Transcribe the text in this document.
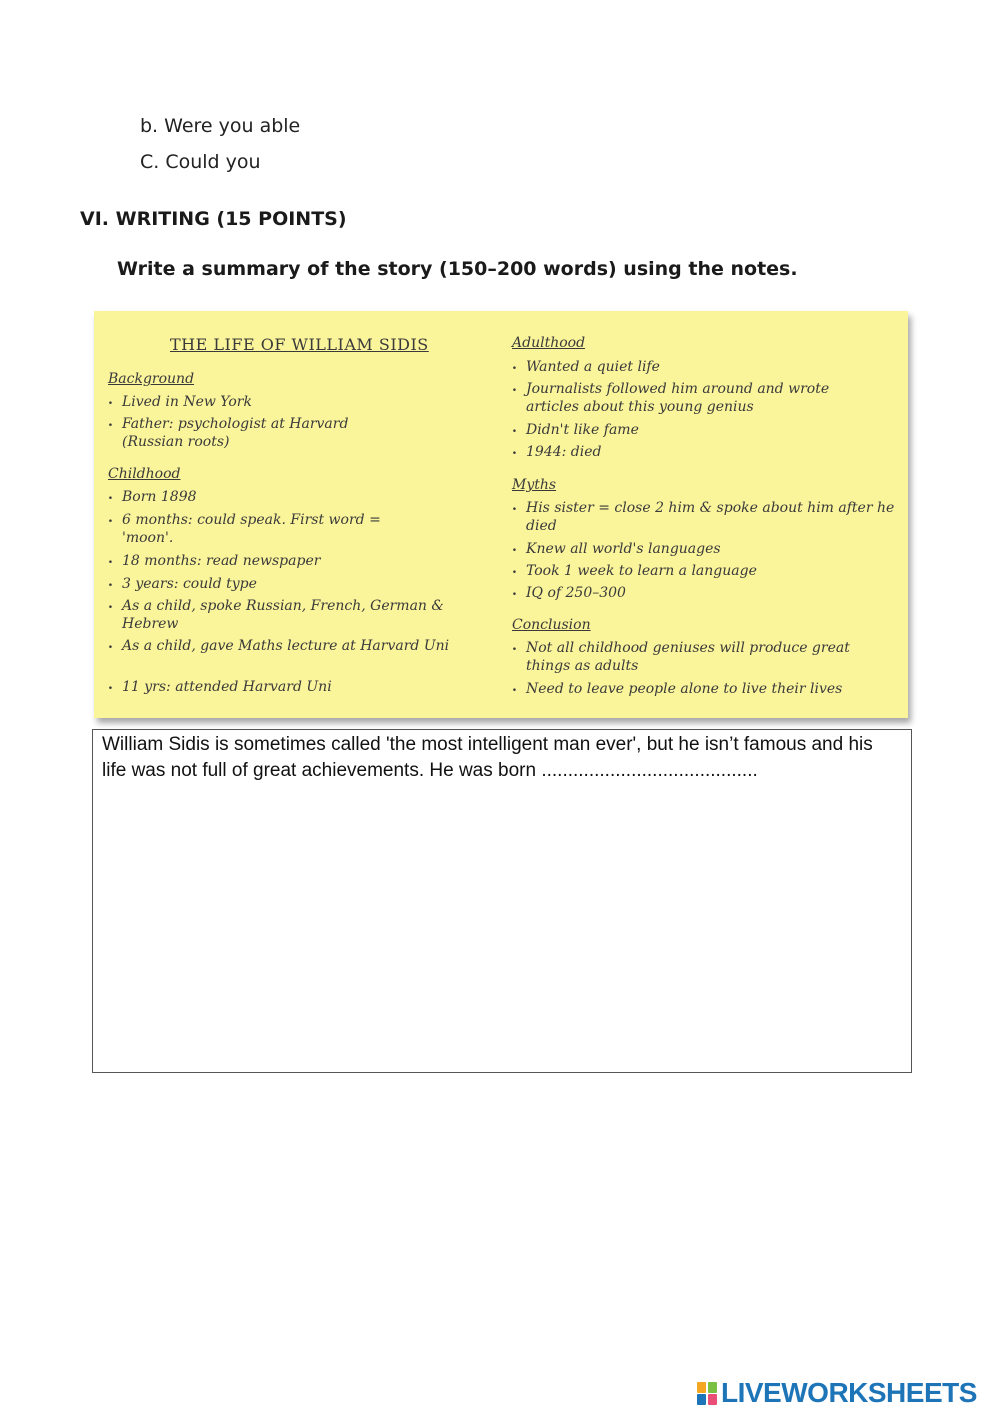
b. Were you able
C. Could you
VI. WRITING (15 POINTS)
Write a summary of the story (150–200 words) using the notes.
THE LIFE OF WILLIAM SIDIS
Background
. Lived in New York
. Father: psychologist at Harvard (Russian roots)
Childhood
. Born 1898
. 6 months: could speak. First word = 'moon'.
. 18 months: read newspaper
. 3 years: could type
. As a child, spoke Russian, French, German & Hebrew
. As a child, gave Maths lecture at Harvard Uni
. 11 yrs: attended Harvard Uni
Adulthood
. Wanted a quiet life
. Journalists followed him around and wrote articles about this young genius
. Didn't like fame
. 1944: died
Myths
. His sister = close 2 him & spoke about him after he died
. Knew all world's languages
. Took 1 week to learn a language
. IQ of 250–300
Conclusion
. Not all childhood geniuses will produce great things as adults
. Need to leave people alone to live their lives
William Sidis is sometimes called 'the most intelligent man ever', but he isn’t famous and his life was not full of great achievements. He was born .........................................
LIVEWORKSHEETS
